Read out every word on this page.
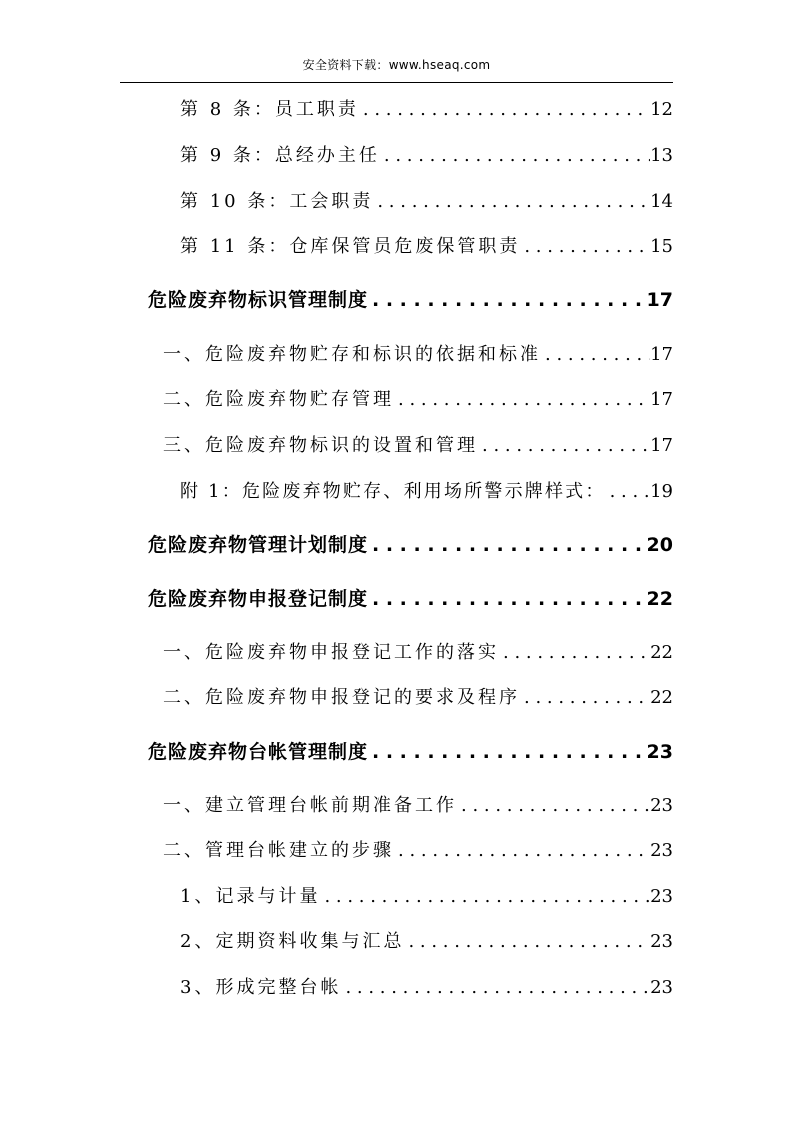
安全资料下载：www.hseaq.com
第 8 条：员工职责 . . .	12
第 9 条：总经办主任 . . .	13
第 10 条：工会职责 . . .	14
第 11 条：仓库保管员危废保管职责 . . .	15
危险废弃物标识管理制度 . . .	17
一、危险废弃物贮存和标识的依据和标准 . . .	17
二、危险废弃物贮存管理 . . .	17
三、危险废弃物标识的设置和管理 . . .	17
附 1：危险废弃物贮存、利用场所警示牌样式： . . . 19
危险废弃物管理计划制度 . . .	20
危险废弃物申报登记制度 . . .	22
一、危险废弃物申报登记工作的落实 . . .	22
二、危险废弃物申报登记的要求及程序 . . .	22
危险废弃物台帐管理制度 . . .	23
一、建立管理台帐前期准备工作 . . .	23
二、管理台帐建立的步骤 . . .	23
1、记录与计量 . . .	23
2、定期资料收集与汇总 . . .	23
3、形成完整台帐 . . .	23
